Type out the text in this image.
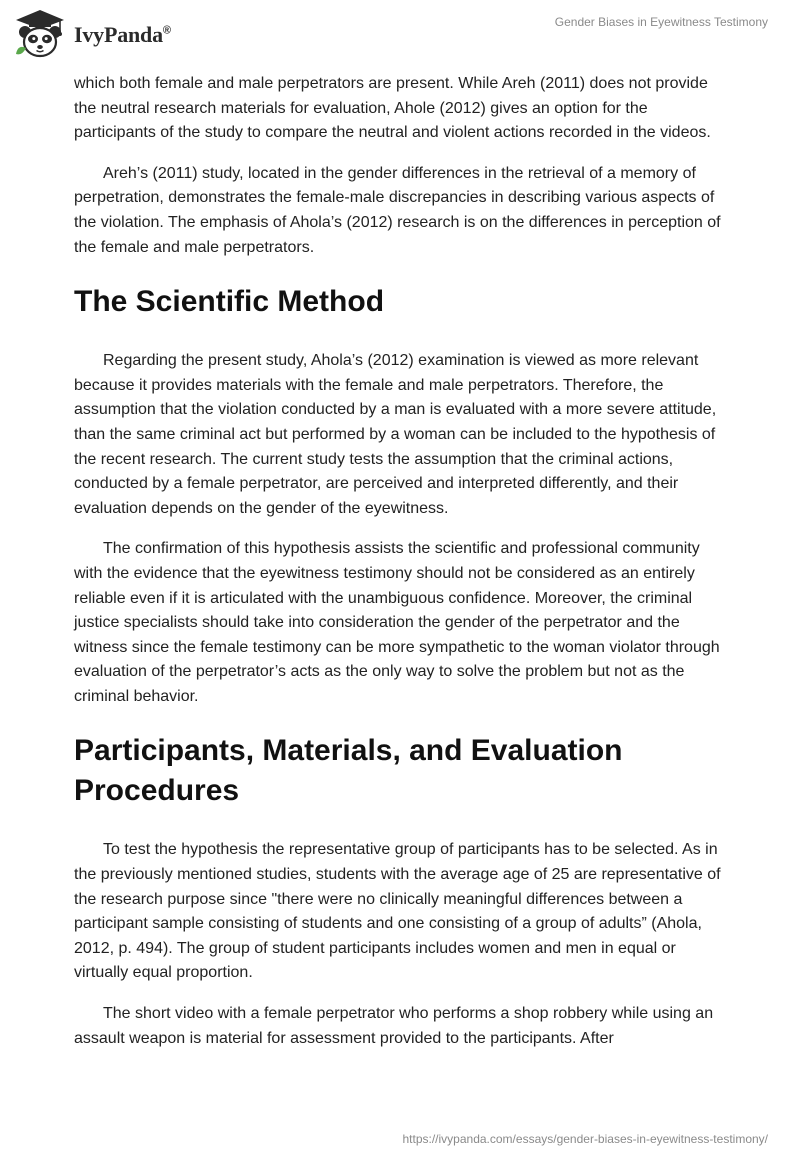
IvyPanda®
Gender Biases in Eyewitness Testimony

which both female and male perpetrators are present. While Areh (2011) does not provide the neutral research materials for evaluation, Ahole (2012) gives an option for the participants of the study to compare the neutral and violent actions recorded in the videos.

Areh’s (2011) study, located in the gender differences in the retrieval of a memory of perpetration, demonstrates the female-male discrepancies in describing various aspects of the violation. The emphasis of Ahola’s (2012) research is on the differences in perception of the female and male perpetrators.

The Scientific Method

Regarding the present study, Ahola’s (2012) examination is viewed as more relevant because it provides materials with the female and male perpetrators. Therefore, the assumption that the violation conducted by a man is evaluated with a more severe attitude, than the same criminal act but performed by a woman can be included to the hypothesis of the recent research. The current study tests the assumption that the criminal actions, conducted by a female perpetrator, are perceived and interpreted differently, and their evaluation depends on the gender of the eyewitness.

The confirmation of this hypothesis assists the scientific and professional community with the evidence that the eyewitness testimony should not be considered as an entirely reliable even if it is articulated with the unambiguous confidence. Moreover, the criminal justice specialists should take into consideration the gender of the perpetrator and the witness since the female testimony can be more sympathetic to the woman violator through evaluation of the perpetrator’s acts as the only way to solve the problem but not as the criminal behavior.

Participants, Materials, and Evaluation Procedures

To test the hypothesis the representative group of participants has to be selected. As in the previously mentioned studies, students with the average age of 25 are representative of the research purpose since "there were no clinically meaningful differences between a participant sample consisting of students and one consisting of a group of adults” (Ahola, 2012, p. 494). The group of student participants includes women and men in equal or virtually equal proportion.

The short video with a female perpetrator who performs a shop robbery while using an assault weapon is material for assessment provided to the participants. After

https://ivypanda.com/essays/gender-biases-in-eyewitness-testimony/
